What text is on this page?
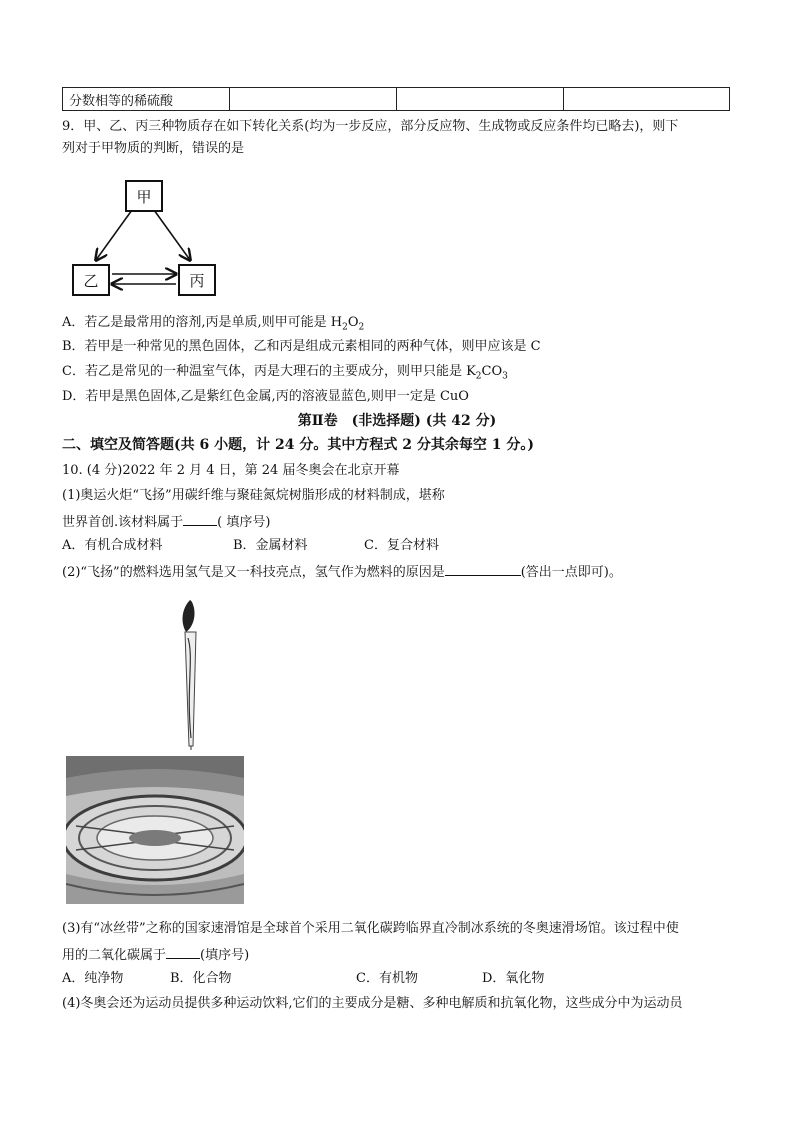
分数相等的稀硫酸			
9．甲、乙、丙三种物质存在如下转化关系(均为一步反应，部分反应物、生成物或反应条件均已略去)，则下
列对于甲物质的判断，错误的是
甲
乙	丙
A．若乙是最常用的溶剂,丙是单质,则甲可能是 $H_2O_2$
B．若甲是一种常见的黑色固体，乙和丙是组成元素相同的两种气体，则甲应该是 C
C．若乙是常见的一种温室气体，丙是大理石的主要成分，则甲只能是 $K_2CO_3$
D．若甲是黑色固体,乙是紫红色金属,丙的溶液显蓝色,则甲一定是 CuO
第Ⅱ卷　(非选择题) (共 42 分)
二、填空及简答题(共 6 小题，计 24 分。其中方程式 2 分其余每空 1 分。)
10. (4 分)2022 年 2 月 4 日，第 24 届冬奥会在北京开幕
(1)奥运火炬“飞扬”用碳纤维与聚硅氮烷树脂形成的材料制成，堪称
世界首创.该材料属于	( 填序号)
A．有机合成材料	B．金属材料	C．复合材料
(2)“飞扬”的燃料选用氢气是又一科技亮点，氢气作为燃料的原因是	(答出一点即可)。
(3)有“冰丝带”之称的国家速滑馆是全球首个采用二氧化碳跨临界直冷制冰系统的冬奥速滑场馆。该过程中使
用的二氧化碳属于	(填序号)
A．纯净物	B．化合物	C．有机物	D．氧化物
(4)冬奥会还为运动员提供多种运动饮料,它们的主要成分是糖、多种电解质和抗氧化物，这些成分中为运动员
